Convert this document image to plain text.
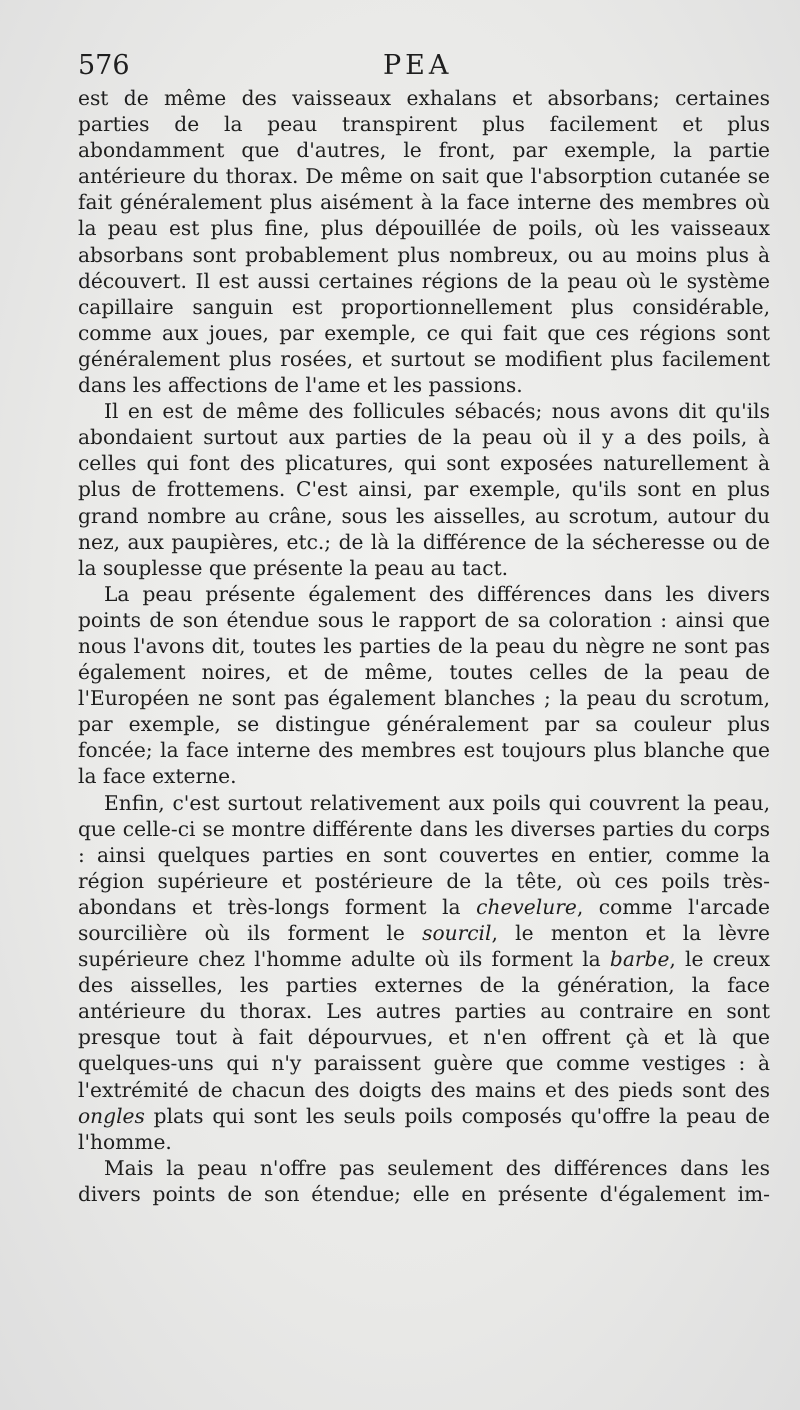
576	PEA

est de même des vaisseaux exhalans et absorbans; certaines parties de la peau transpirent plus facilement et plus abondamment que d'autres, le front, par exemple, la partie antérieure du thorax. De même on sait que l'absorption cutanée se fait généralement plus aisément à la face interne des membres où la peau est plus fine, plus dépouillée de poils, où les vaisseaux absorbans sont probablement plus nombreux, ou au moins plus à découvert. Il est aussi certaines régions de la peau où le système capillaire sanguin est proportionnellement plus considérable, comme aux joues, par exemple, ce qui fait que ces régions sont généralement plus rosées, et surtout se modifient plus facilement dans les affections de l'ame et les passions.

Il en est de même des follicules sébacés; nous avons dit qu'ils abondaient surtout aux parties de la peau où il y a des poils, à celles qui font des plicatures, qui sont exposées naturellement à plus de frottemens. C'est ainsi, par exemple, qu'ils sont en plus grand nombre au crâne, sous les aisselles, au scrotum, autour du nez, aux paupières, etc.; de là la différence de la sécheresse ou de la souplesse que présente la peau au tact.

La peau présente également des différences dans les divers points de son étendue sous le rapport de sa coloration : ainsi que nous l'avons dit, toutes les parties de la peau du nègre ne sont pas également noires, et de même, toutes celles de la peau de l'Européen ne sont pas également blanches ; la peau du scrotum, par exemple, se distingue généralement par sa couleur plus foncée; la face interne des membres est toujours plus blanche que la face externe.

Enfin, c'est surtout relativement aux poils qui couvrent la peau, que celle-ci se montre différente dans les diverses parties du corps : ainsi quelques parties en sont couvertes en entier, comme la région supérieure et postérieure de la tête, où ces poils très-abondans et très-longs forment la chevelure, comme l'arcade sourcilière où ils forment le sourcil, le menton et la lèvre supérieure chez l'homme adulte où ils forment la barbe, le creux des aisselles, les parties externes de la génération, la face antérieure du thorax. Les autres parties au contraire en sont presque tout à fait dépourvues, et n'en offrent çà et là que quelques-uns qui n'y paraissent guère que comme vestiges : à l'extrémité de chacun des doigts des mains et des pieds sont des ongles plats qui sont les seuls poils composés qu'offre la peau de l'homme.

Mais la peau n'offre pas seulement des différences dans les divers points de son étendue; elle en présente d'également im-
